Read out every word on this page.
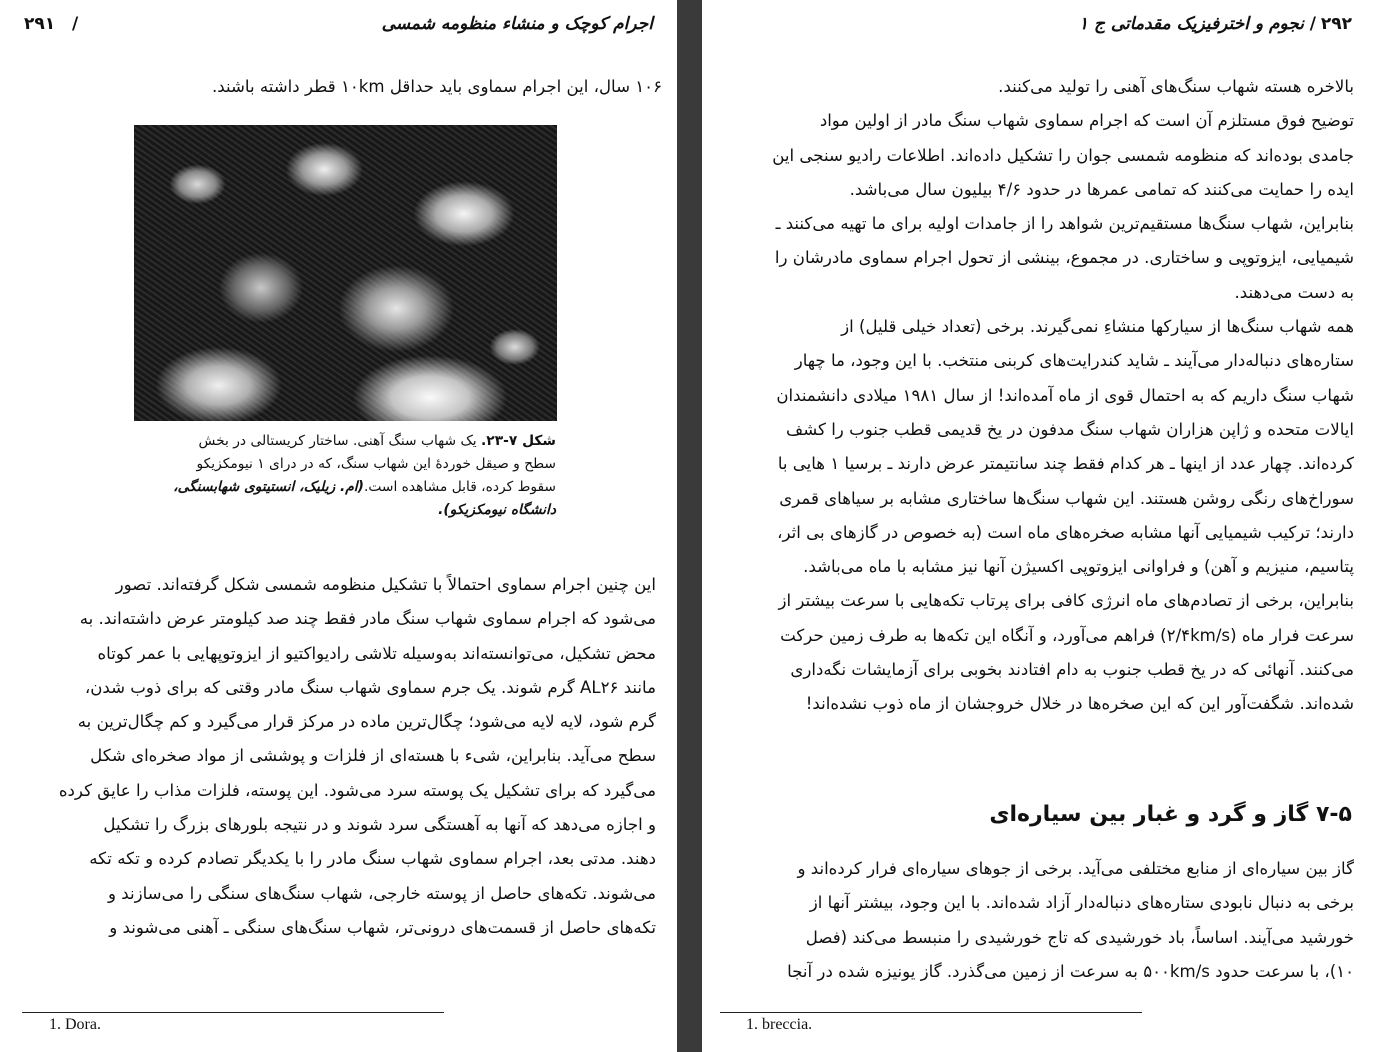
اجرام کوچک و منشاء منظومه شمسی
/
۲۹۱
۱۰۶ سال، این اجرام سماوی باید حداقل ۱۰km قطر داشته باشند.
شکل ۷-۲۳. یک شهاب سنگ آهنی. ساختار کریستالی در بخش
سطح و صیقل خوردهٔ این شهاب سنگ، که در درای ۱ نیومکزیکو
سقوط کرده، قابل مشاهده است.(ام. زیلیک، انستیتوی شهابسنگی،
دانشگاه نیومکزیکو).
این چنین اجرام سماوی احتمالاً با تشکیل منظومه شمسی شکل گرفته‌اند. تصور
می‌شود که اجرام سماوی شهاب سنگ مادر فقط چند صد کیلومتر عرض داشته‌اند. به
محض تشکیل، می‌توانسته‌اند به‌وسیله تلاشی رادیواکتیو از ایزوتوپهایی با عمر کوتاه
مانند AL۲۶ گرم شوند. یک جرم سماوی شهاب سنگ مادر وقتی که برای ذوب شدن،
گرم شود، لایه لایه می‌شود؛ چگال‌ترین ماده در مرکز قرار می‌گیرد و کم چگال‌ترین به
سطح می‌آید. بنابراین، شیء با هسته‌ای از فلزات و پوششی از مواد صخره‌ای شکل
می‌گیرد که برای تشکیل یک پوسته سرد می‌شود. این پوسته، فلزات مذاب را عایق کرده
و اجازه می‌دهد که آنها به آهستگی سرد شوند و در نتیجه بلورهای بزرگ را تشکیل
دهند. مدتی بعد، اجرام سماوی شهاب سنگ مادر را با یکدیگر تصادم کرده و تکه تکه
می‌شوند. تکه‌های حاصل از پوسته خارجی، شهاب سنگ‌های سنگی را می‌سازند و
تکه‌های حاصل از قسمت‌های درونی‌تر، شهاب سنگ‌های سنگی ـ آهنی می‌شوند و
1. Dora.
۲۹۲
/
نجوم و اخترفیزیک مقدماتی ج ۱
بالاخره هسته شهاب سنگ‌های آهنی را تولید می‌کنند.
توضیح فوق مستلزم آن است که اجرام سماوی شهاب سنگ مادر از اولین مواد
جامدی بوده‌اند که منظومه شمسی جوان را تشکیل داده‌اند. اطلاعات رادیو سنجی این
ایده را حمایت می‌کنند که تمامی عمرها در حدود ۴/۶ بیلیون سال می‌باشد.
بنابراین، شهاب سنگ‌ها مستقیم‌ترین شواهد را از جامدات اولیه برای ما تهیه می‌کنند ـ
شیمیایی، ایزوتوپی و ساختاری. در مجموع، بینشی از تحول اجرام سماوی مادرشان را
به دست می‌دهند.
همه شهاب سنگ‌ها از سیارکها منشاءِ نمی‌گیرند. برخی (تعداد خیلی قلیل) از
ستاره‌های دنباله‌دار می‌آیند ـ شاید کندرایت‌های کربنی منتخب. با این وجود، ما چهار
شهاب سنگ داریم که به احتمال قوی از ماه آمده‌اند! از سال ۱۹۸۱ میلادی دانشمندان
ایالات متحده و ژاپن هزاران شهاب سنگ مدفون در یخ قدیمی قطب جنوب را کشف
کرده‌اند. چهار عدد از اینها ـ هر کدام فقط چند سانتیمتر عرض دارند ـ برسیا ۱ هایی با
سوراخ‌های رنگی روشن هستند. این شهاب سنگ‌ها ساختاری مشابه بر سیاهای قمری
دارند؛ ترکیب شیمیایی آنها مشابه صخره‌های ماه است (به خصوص در گازهای بی اثر،
پتاسیم، منیزیم و آهن) و فراوانی ایزوتوپی اکسیژن آنها نیز مشابه با ماه می‌باشد.
بنابراین، برخی از تصادم‌های ماه انرژی کافی برای پرتاب تکه‌هایی با سرعت بیشتر از
سرعت فرار ماه (۲/۴km/s) فراهم می‌آورد، و آنگاه این تکه‌ها به طرف زمین حرکت
می‌کنند. آنهائی که در یخ قطب جنوب به دام افتادند بخوبی برای آزمایشات نگه‌داری
شده‌اند. شگفت‌آور این که این صخره‌ها در خلال خروجشان از ماه ذوب نشده‌اند!
۷-۵ گاز و گرد و غبار بین سیاره‌ای
گاز بین سیاره‌ای از منابع مختلفی می‌آید. برخی از جوهای سیاره‌ای فرار کرده‌اند و
برخی به دنبال نابودی ستاره‌های دنباله‌دار آزاد شده‌اند. با این وجود، بیشتر آنها از
خورشید می‌آیند. اساساً، باد خورشیدی که تاج خورشیدی را منبسط می‌کند (فصل
۱۰)، با سرعت حدود ۵۰۰km/s به سرعت از زمین می‌گذرد. گاز یونیزه شده در آنجا
1. breccia.
